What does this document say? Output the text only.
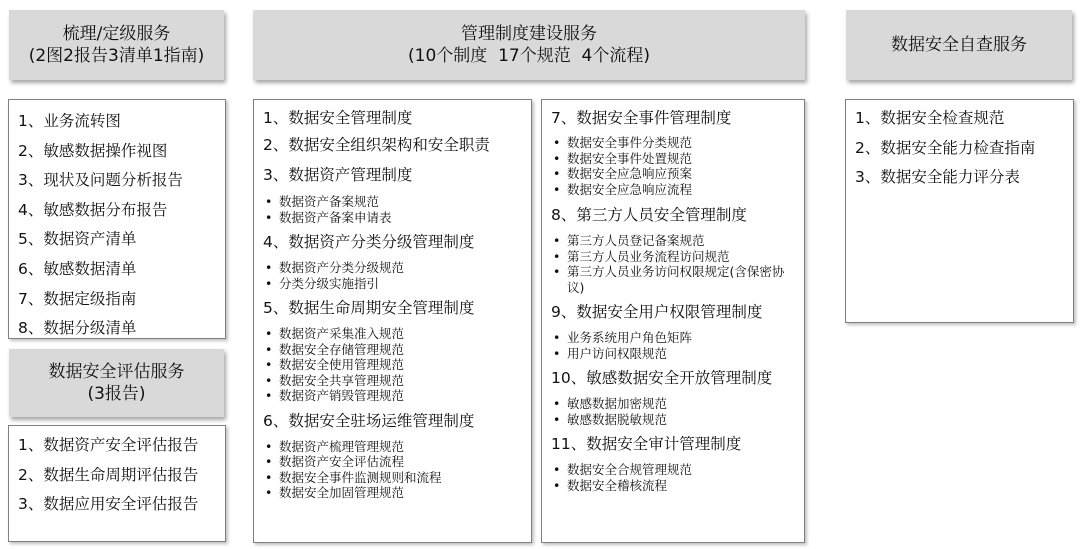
梳理/定级服务
(2图2报告3清单1指南)
1、业务流转图
2、敏感数据操作视图
3、现状及问题分析报告
4、敏感数据分布报告
5、数据资产清单
6、敏感数据清单
7、数据定级指南
8、数据分级清单
数据安全评估服务
(3报告)
1、数据资产安全评估报告
2、数据生命周期评估报告
3、数据应用安全评估报告
管理制度建设服务
(10个制度  17个规范  4个流程)
1、数据安全管理制度
2、数据安全组织架构和安全职责
3、数据资产管理制度
• 数据资产备案规范
• 数据资产备案申请表
4、数据资产分类分级管理制度
• 数据资产分类分级规范
• 分类分级实施指引
5、数据生命周期安全管理制度
• 数据资产采集准入规范
• 数据安全存储管理规范
• 数据安全使用管理规范
• 数据安全共享管理规范
• 数据资产销毁管理规范
6、数据安全驻场运维管理制度
• 数据资产梳理管理规范
• 数据资产安全评估流程
• 数据安全事件监测规则和流程
• 数据安全加固管理规范
7、数据安全事件管理制度
• 数据安全事件分类规范
• 数据安全事件处置规范
• 数据安全应急响应预案
• 数据安全应急响应流程
8、第三方人员安全管理制度
• 第三方人员登记备案规范
• 第三方人员业务流程访问规范
• 第三方人员业务访问权限规定(含保密协议)
9、数据安全用户权限管理制度
• 业务系统用户角色矩阵
• 用户访问权限规范
10、敏感数据安全开放管理制度
• 敏感数据加密规范
• 敏感数据脱敏规范
11、数据安全审计管理制度
• 数据安全合规管理规范
• 数据安全稽核流程
数据安全自查服务
1、数据安全检查规范
2、数据安全能力检查指南
3、数据安全能力评分表
